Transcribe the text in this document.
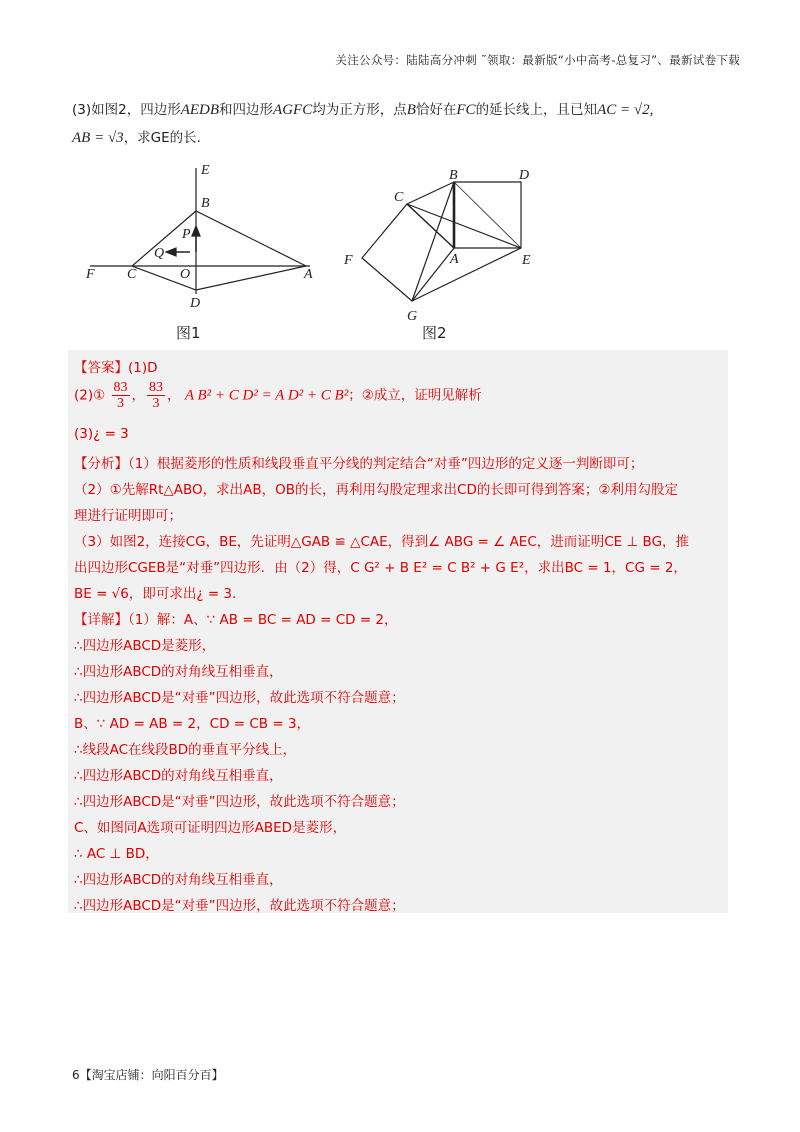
关注公众号：陆陆高分冲刺 ˜领取：最新版“小中高考-总复习”、最新试卷下载
(3)如图2，四边形AEDB和四边形AGFC均为正方形，点B恰好在FC的延长线上，且已知AC = √2,
AB = √3，求GE的长.
E
B
P
Q
F C	O	A
D
图1
B	D
C
F	A	E
G
图2
【答案】(1)D
(2)① $\frac{83}{3}$ ， $\frac{83}{3}$ ， A B² + C D² = A D² + C B²；②成立，证明见解析
(3)¿ = 3
【分析】（1）根据菱形的性质和线段垂直平分线的判定结合“对垂”四边形的定义逐一判断即可；
（2）①先解Rt△ABO，求出AB，OB的长，再利用勾股定理求出CD的长即可得到答案；②利用勾股定
理进行证明即可；
（3）如图2，连接CG，BE，先证明△GAB ≌ △CAE，得到∠ ABG = ∠ AEC，进而证明CE ⊥ BG，推
出四边形CGEB是“对垂”四边形．由（2）得，C G² + B E² = C B² + G E²，求出BC = 1，CG = 2，
BE = √6，即可求出¿ = 3.
【详解】（1）解：A、∵ AB = BC = AD = CD = 2，
∴四边形ABCD是菱形，
∴四边形ABCD的对角线互相垂直，
∴四边形ABCD是“对垂”四边形，故此选项不符合题意；
B、∵ AD = AB = 2，CD = CB = 3，
∴线段AC在线段BD的垂直平分线上，
∴四边形ABCD的对角线互相垂直，
∴四边形ABCD是“对垂”四边形，故此选项不符合题意；
C、如图同A选项可证明四边形ABED是菱形，
∴ AC ⊥ BD，
∴四边形ABCD的对角线互相垂直，
∴四边形ABCD是“对垂”四边形，故此选项不符合题意；
6【淘宝店铺：向阳百分百】
